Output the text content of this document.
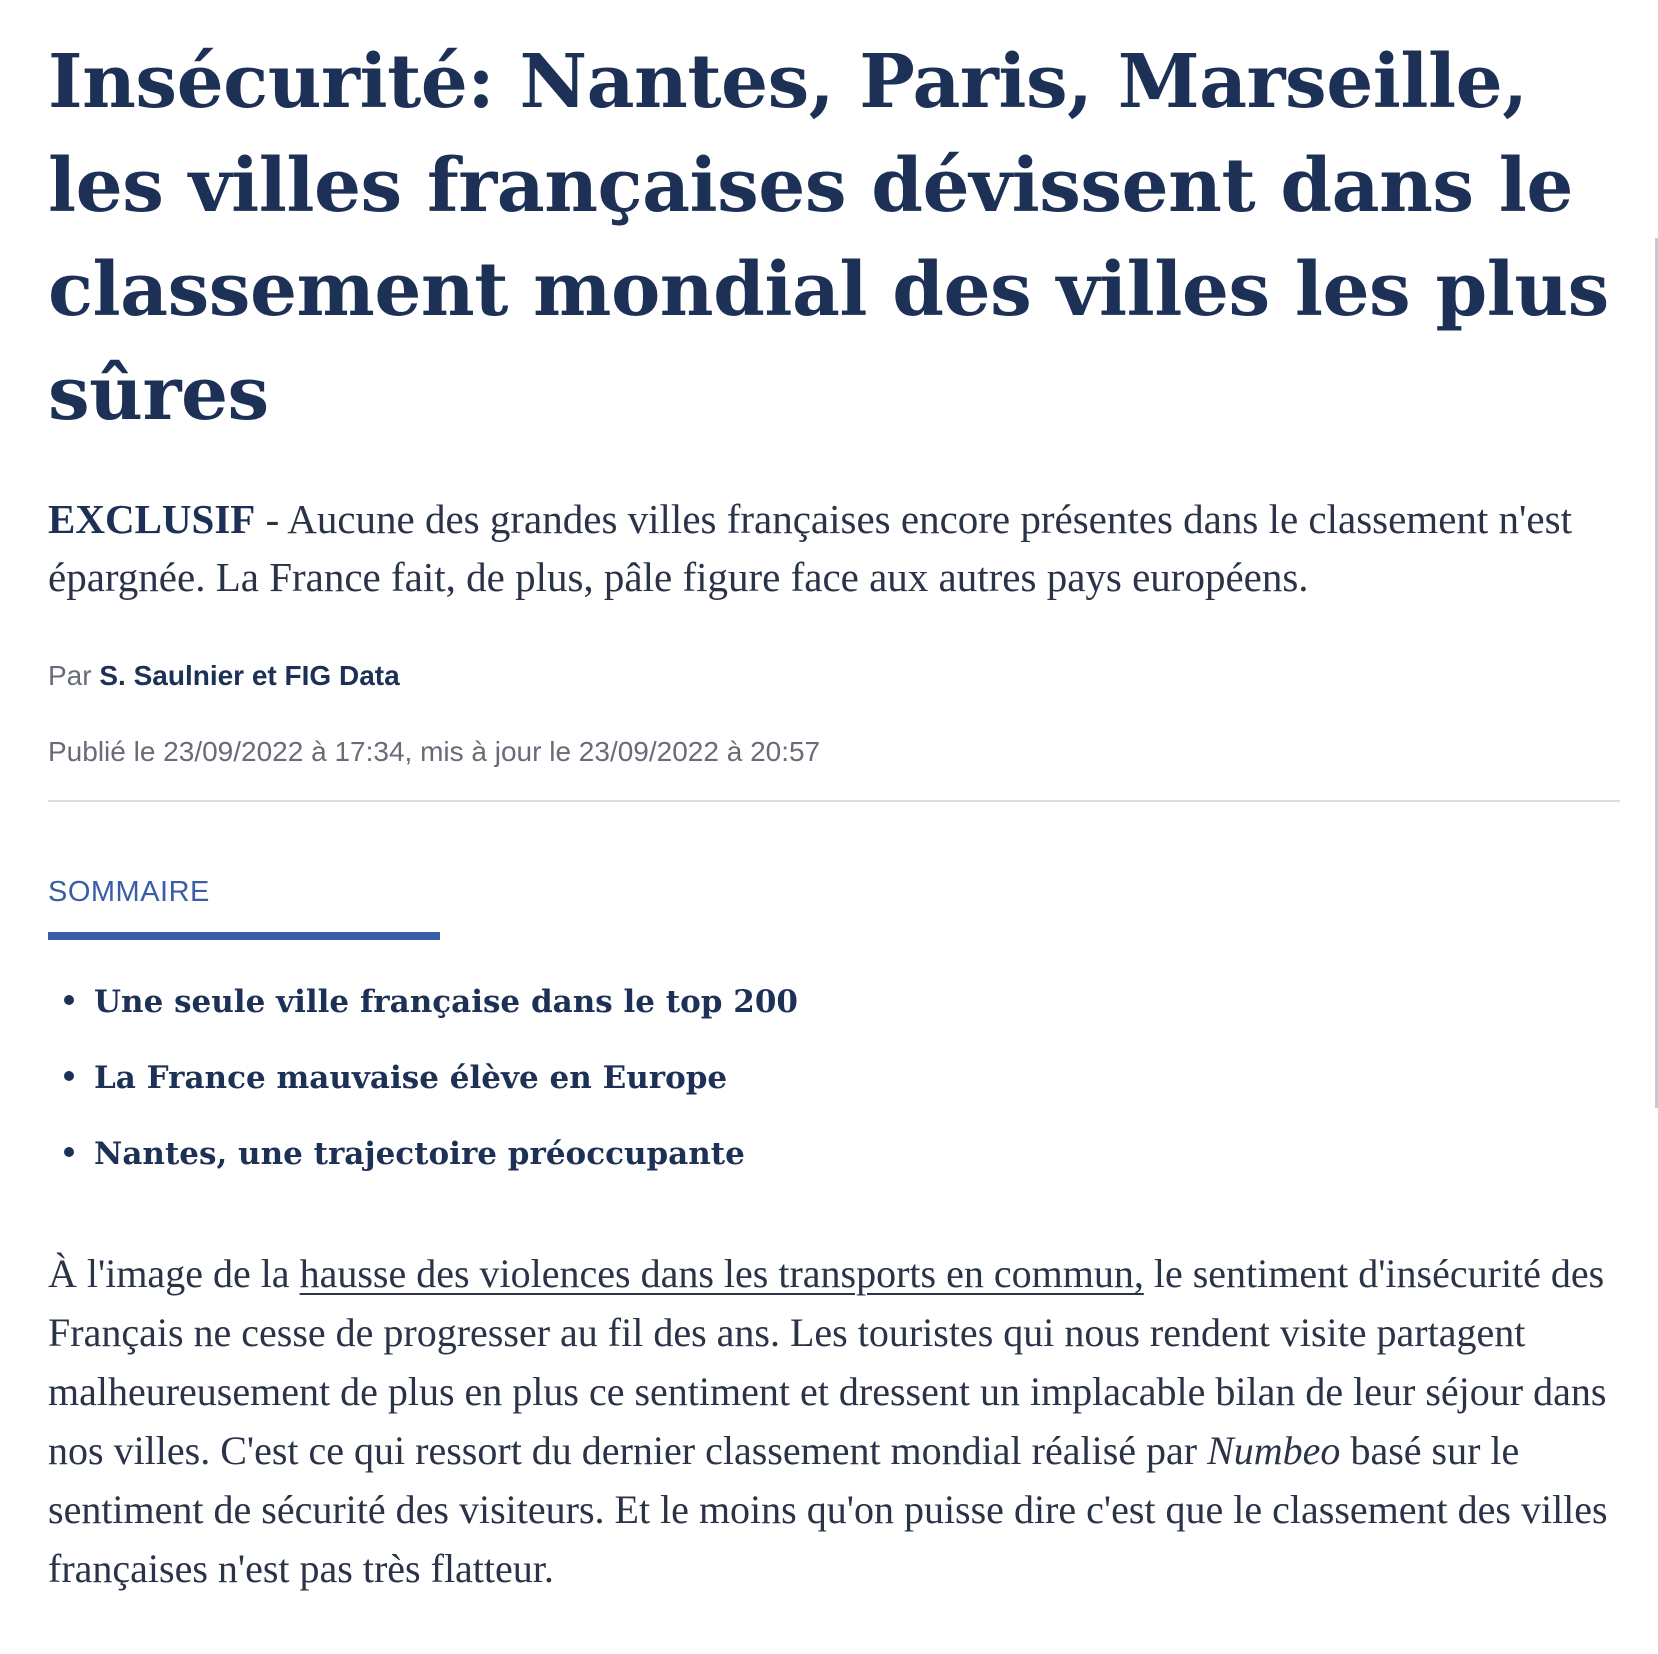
Insécurité: Nantes, Paris, Marseille, les villes françaises dévissent dans le classement mondial des villes les plus sûres

EXCLUSIF - Aucune des grandes villes françaises encore présentes dans le classement n'est épargnée. La France fait, de plus, pâle figure face aux autres pays européens.

Par S. Saulnier et FIG Data
Publié le 23/09/2022 à 17:34, mis à jour le 23/09/2022 à 20:57
SOMMAIRE
Une seule ville française dans le top 200
La France mauvaise élève en Europe
Nantes, une trajectoire préoccupante

À l'image de la hausse des violences dans les transports en commun, le sentiment d'insécurité des Français ne cesse de progresser au fil des ans. Les touristes qui nous rendent visite partagent malheureusement de plus en plus ce sentiment et dressent un implacable bilan de leur séjour dans nos villes. C'est ce qui ressort du dernier classement mondial réalisé par Numbeo basé sur le sentiment de sécurité des visiteurs. Et le moins qu'on puisse dire c'est que le classement des villes françaises n'est pas très flatteur.
